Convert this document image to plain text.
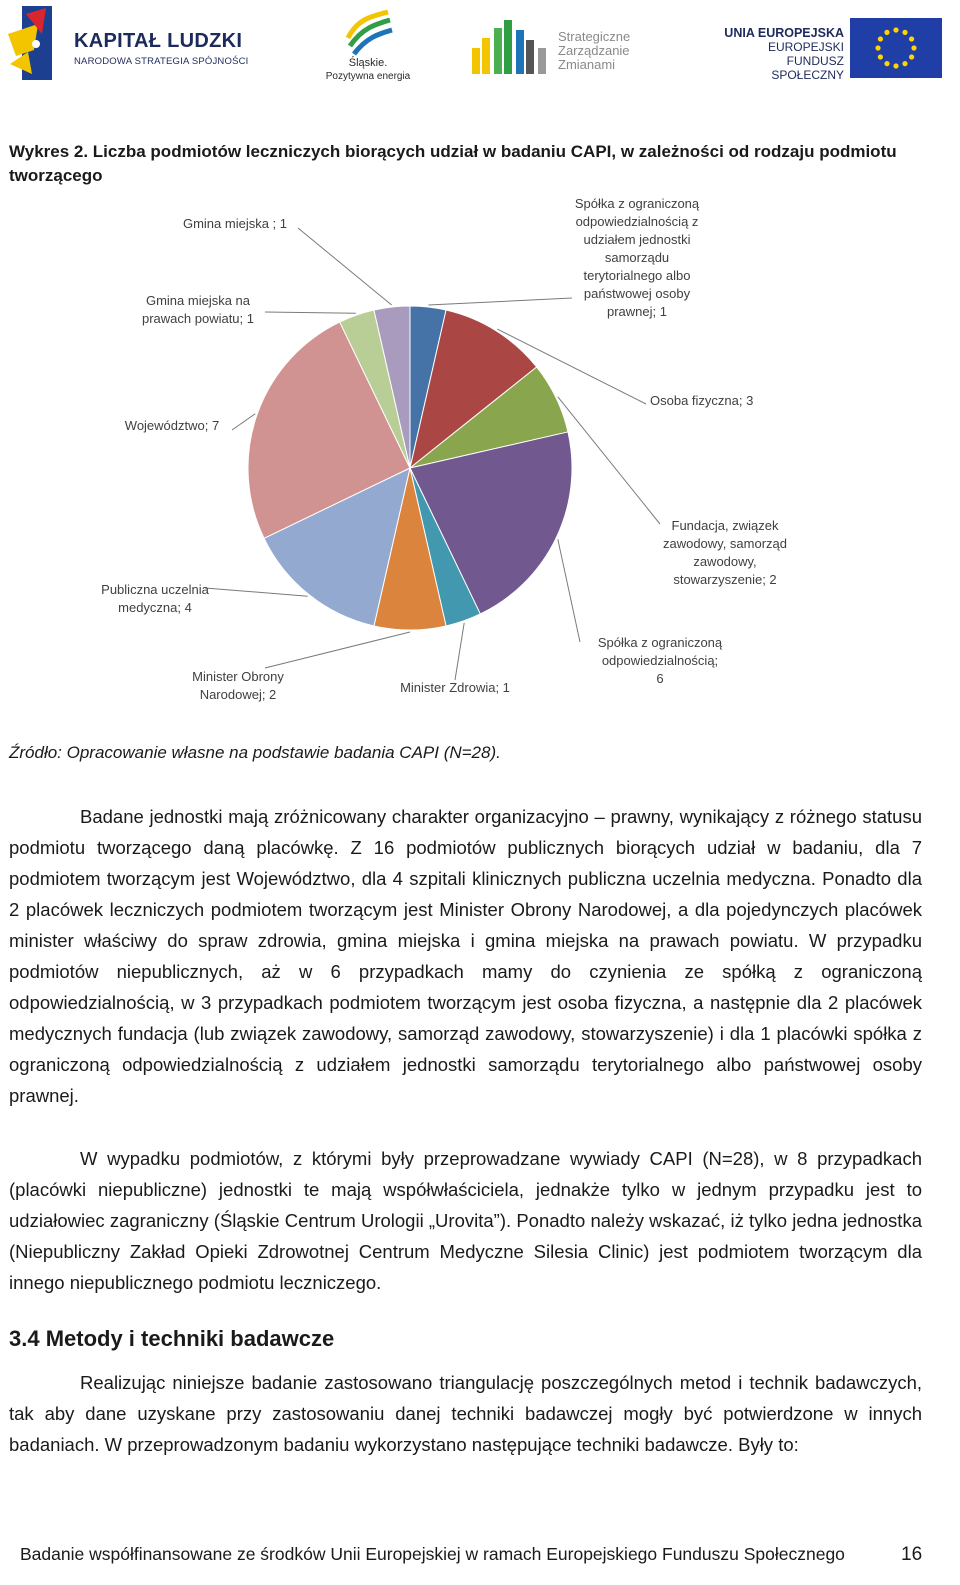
KAPITAŁ LUDZKI
NARODOWA STRATEGIA SPÓJNOŚCI	Śląskie.
Pozytywna energia
Strategiczne
Zarządzanie
Zmianami
UNIA EUROPEJSKA
EUROPEJSKI
FUNDUSZ SPOŁECZNY
Wykres 2. Liczba podmiotów leczniczych biorących udział w badaniu CAPI, w zależności od rodzaju podmiotu tworzącego
Spółka z ograniczoną odpowiedzialnością z udziałem jednostki samorządu terytorialnego albo państwowej osoby prawnej; 1
Osoba fizyczna; 3
Fundacja, związek zawodowy, samorząd zawodowy, stowarzyszenie; 2
Spółka z ograniczoną odpowiedzialnością; 6
Minister Zdrowia; 1
Minister Obrony Narodowej; 2
Publiczna uczelnia medyczna; 4
Województwo; 7
Gmina miejska na prawach powiatu; 1
Gmina miejska ; 1
Źródło: Opracowanie własne na podstawie badania CAPI (N=28).
Badane jednostki mają zróżnicowany charakter organizacyjno – prawny, wynikający z różnego statusu podmiotu tworzącego daną placówkę. Z 16 podmiotów publicznych biorących udział w badaniu, dla 7 podmiotem tworzącym jest Województwo, dla 4 szpitali klinicznych publiczna uczelnia medyczna. Ponadto dla 2 placówek leczniczych podmiotem tworzącym jest Minister Obrony Narodowej, a dla pojedynczych placówek minister właściwy do spraw zdrowia, gmina miejska i gmina miejska na prawach powiatu. W przypadku podmiotów niepublicznych, aż w 6 przypadkach mamy do czynienia ze spółką z ograniczoną odpowiedzialnością, w 3 przypadkach podmiotem tworzącym jest osoba fizyczna, a następnie dla 2 placówek medycznych fundacja (lub związek zawodowy, samorząd zawodowy, stowarzyszenie) i dla 1 placówki spółka z ograniczoną odpowiedzialnością z udziałem jednostki samorządu terytorialnego albo państwowej osoby prawnej.
W wypadku podmiotów, z którymi były przeprowadzane wywiady CAPI (N=28), w 8 przypadkach (placówki niepubliczne) jednostki te mają współwłaściciela, jednakże tylko w jednym przypadku jest to udziałowiec zagraniczny (Śląskie Centrum Urologii „Urovita”). Ponadto należy wskazać, iż tylko jedna jednostka (Niepubliczny Zakład Opieki Zdrowotnej Centrum Medyczne Silesia Clinic) jest podmiotem tworzącym dla innego niepublicznego podmiotu leczniczego.
3.4 Metody i techniki badawcze
Realizując niniejsze badanie zastosowano triangulację poszczególnych metod i technik badawczych, tak aby dane uzyskane przy zastosowaniu danej techniki badawczej mogły być potwierdzone w innych badaniach. W przeprowadzonym badaniu wykorzystano następujące techniki badawcze. Były to:
Badanie współfinansowane ze środków Unii Europejskiej w ramach Europejskiego Funduszu Społecznego	16
